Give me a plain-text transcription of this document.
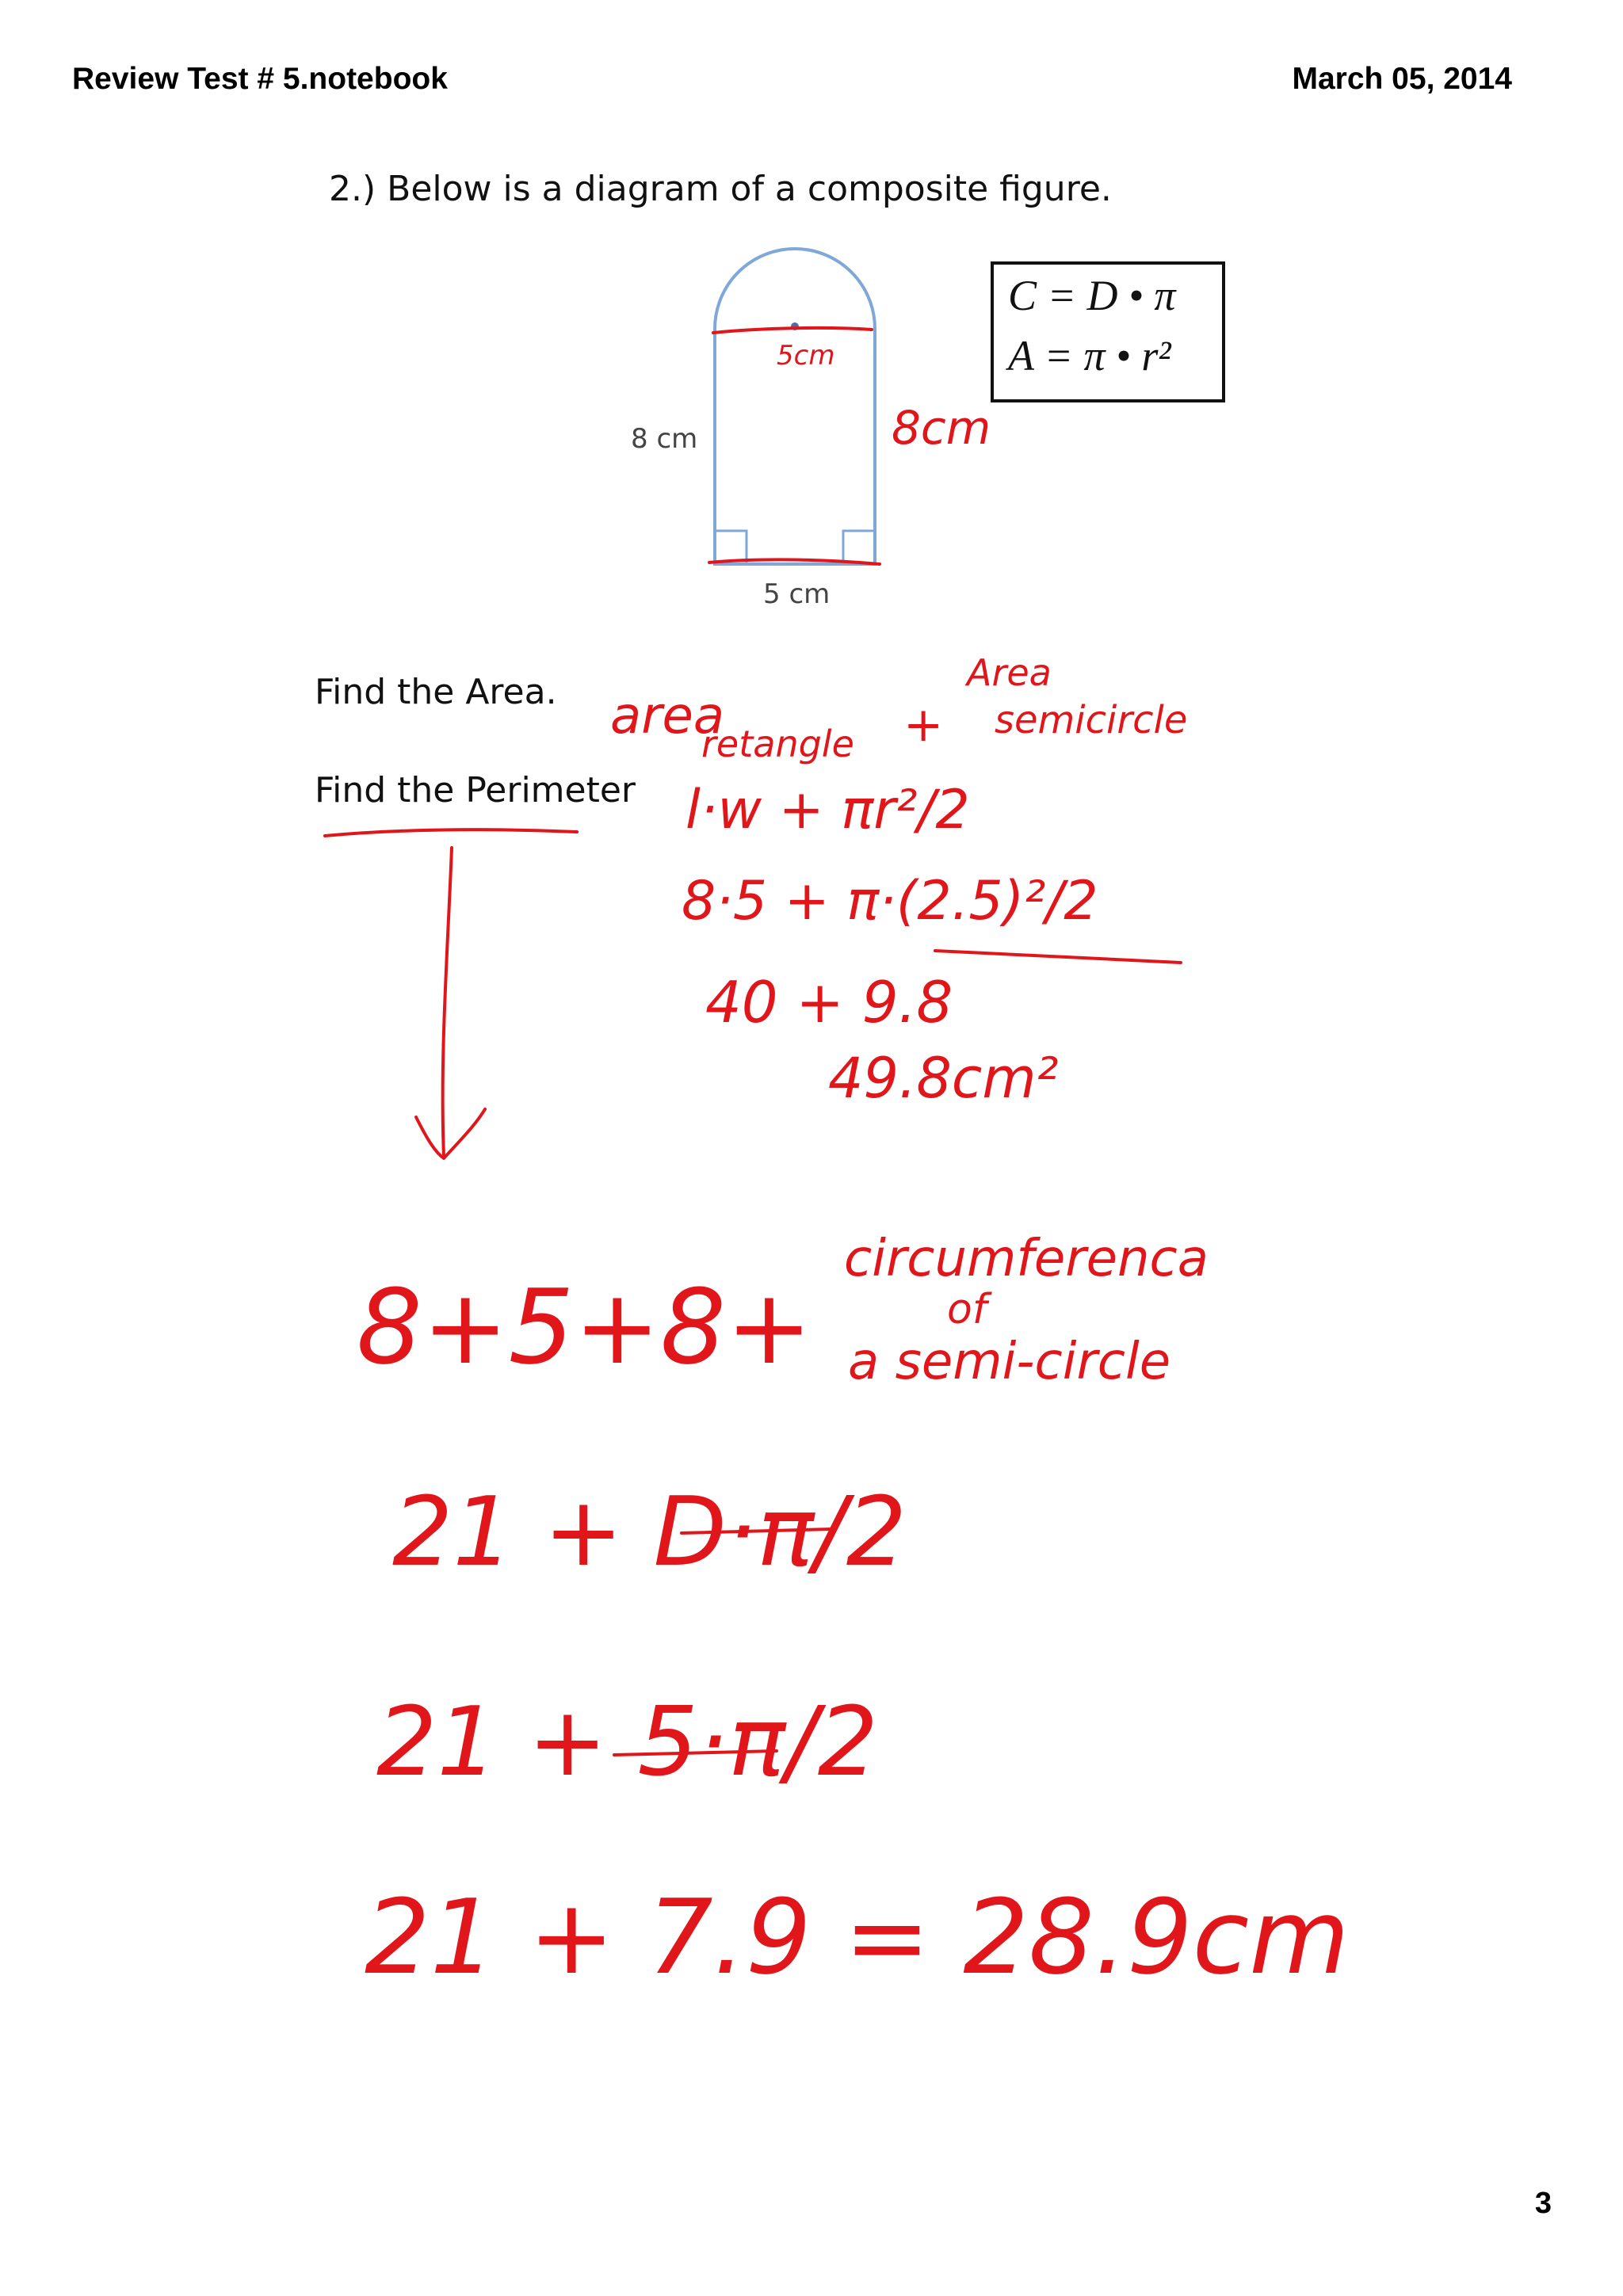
Review Test # 5.notebook	March 05, 2014
2.) Below is a diagram of a composite figure.
Find the Area.
Find the Perimeter
C = D • π
A = π • r²
8 cm
5 cm
5cm
8cm
area
retangle +
Area
semicircle
l·w + πr²/2
8·5 + π·(2.5)²/2
40 + 9.8
49.8cm²
8+5+8+
circumferenca
of
a semi-circle
21 + D·π/2
21 + 5·π/2
21 + 7.9 = 28.9cm
3
